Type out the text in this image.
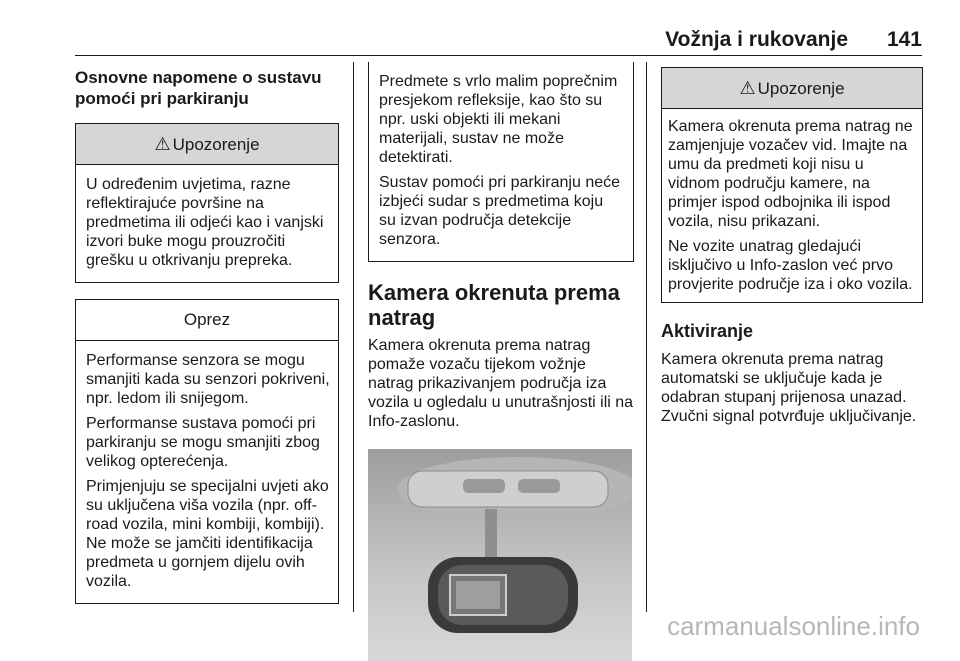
Vožnja i rukovanje 141
Osnovne napomene o sustavu pomoći pri parkiranju
⚠ Upozorenje

U određenim uvjetima, razne reflektirajuće površine na predmetima ili odjeći kao i vanjski izvori buke mogu prouzročiti grešku u otkrivanju prepreka.

Oprez

Performanse senzora se mogu smanjiti kada su senzori pokriveni, npr. ledom ili snijegom.

Performanse sustava pomoći pri parkiranju se mogu smanjiti zbog velikog opterećenja.

Primjenjuju se specijalni uvjeti ako su uključena viša vozila (npr. off-road vozila, mini kombiji, kombiji). Ne može se jamčiti identifikacija predmeta u gornjem dijelu ovih vozila.

Predmete s vrlo malim poprečnim presjekom refleksije, kao što su npr. uski objekti ili mekani materijali, sustav ne može detektirati.

Sustav pomoći pri parkiranju neće izbjeći sudar s predmetima koju su izvan područja detekcije senzora.

Kamera okrenuta prema natrag

Kamera okrenuta prema natrag pomaže vozaču tijekom vožnje natrag prikazivanjem područja iza vozila u ogledalu u unutrašnjosti ili na Info-zaslonu.

⚠ Upozorenje

Kamera okrenuta prema natrag ne zamjenjuje vozačev vid. Imajte na umu da predmeti koji nisu u vidnom području kamere, na primjer ispod odbojnika ili ispod vozila, nisu prikazani.

Ne vozite unatrag gledajući isključivo u Info-zaslon već prvo provjerite područje iza i oko vozila.

Aktiviranje

Kamera okrenuta prema natrag automatski se uključuje kada je odabran stupanj prijenosa unazad. Zvučni signal potvrđuje uključivanje.

carmanualsonline.info
